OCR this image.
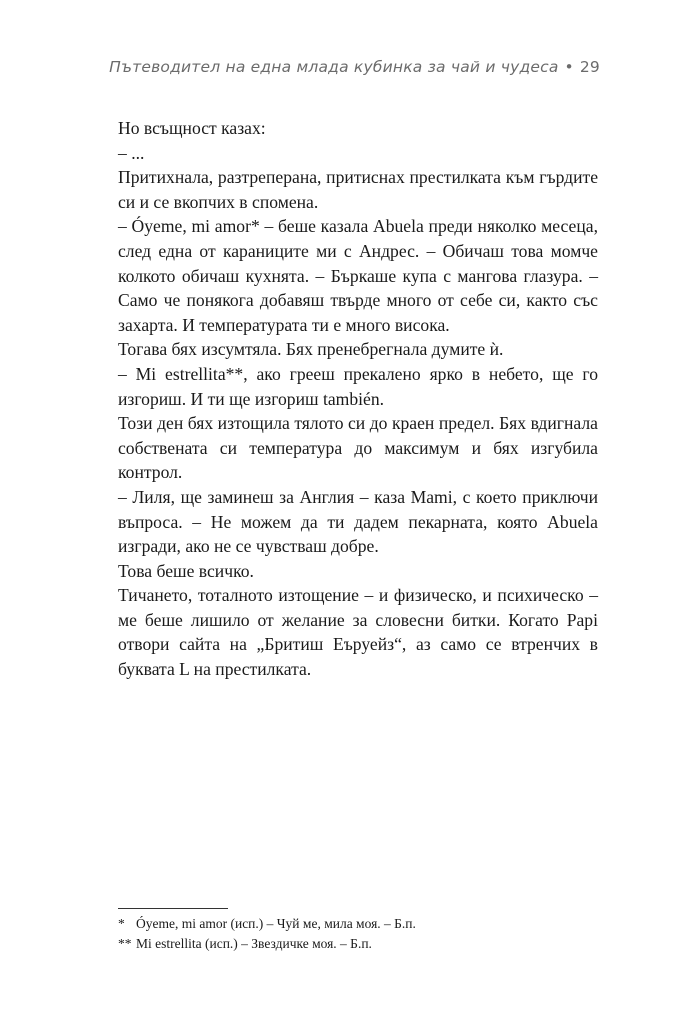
Пътеводител на една млада кубинка за чай и чудеса • 29

Но всъщност казах:

– ...

Притихнала, разтреперана, притиснах престилката към гърдите си и се вкопчих в спомена.

– Óyeme, mi amor* – беше казала Abuela преди няколко месеца, след една от караниците ми с Андрес. – Обичаш това момче колкото обичаш кухнята. – Бъркаше купа с мангова глазура. – Само че понякога добавяш твърде много от себе си, както със захарта. И температурата ти е много висока.

Тогава бях изсумтяла. Бях пренебрегнала думите ѝ.

– Mi estrellita**, ако грееш прекалено ярко в небето, ще го изгориш. И ти ще изгориш también.

Този ден бях изтощила тялото си до краен предел. Бях вдигнала собствената си температура до максимум и бях изгубила контрол.

– Лиля, ще заминеш за Англия – каза Mami, с което приключи въпроса. – Не можем да ти дадем пекарната, която Abuela изгради, ако не се чувстваш добре.

Това беше всичко.

Тичането, тоталното изтощение – и физическо, и психическо – ме беше лишило от желание за словесни битки. Когато Papi отвори сайта на „Бритиш Еъруейз“, аз само се втренчих в буквата L на престилката.

* Óyeme, mi amor (исп.) – Чуй ме, мила моя. – Б.п.

** Mi estrellita (исп.) – Звездичке моя. – Б.п.
